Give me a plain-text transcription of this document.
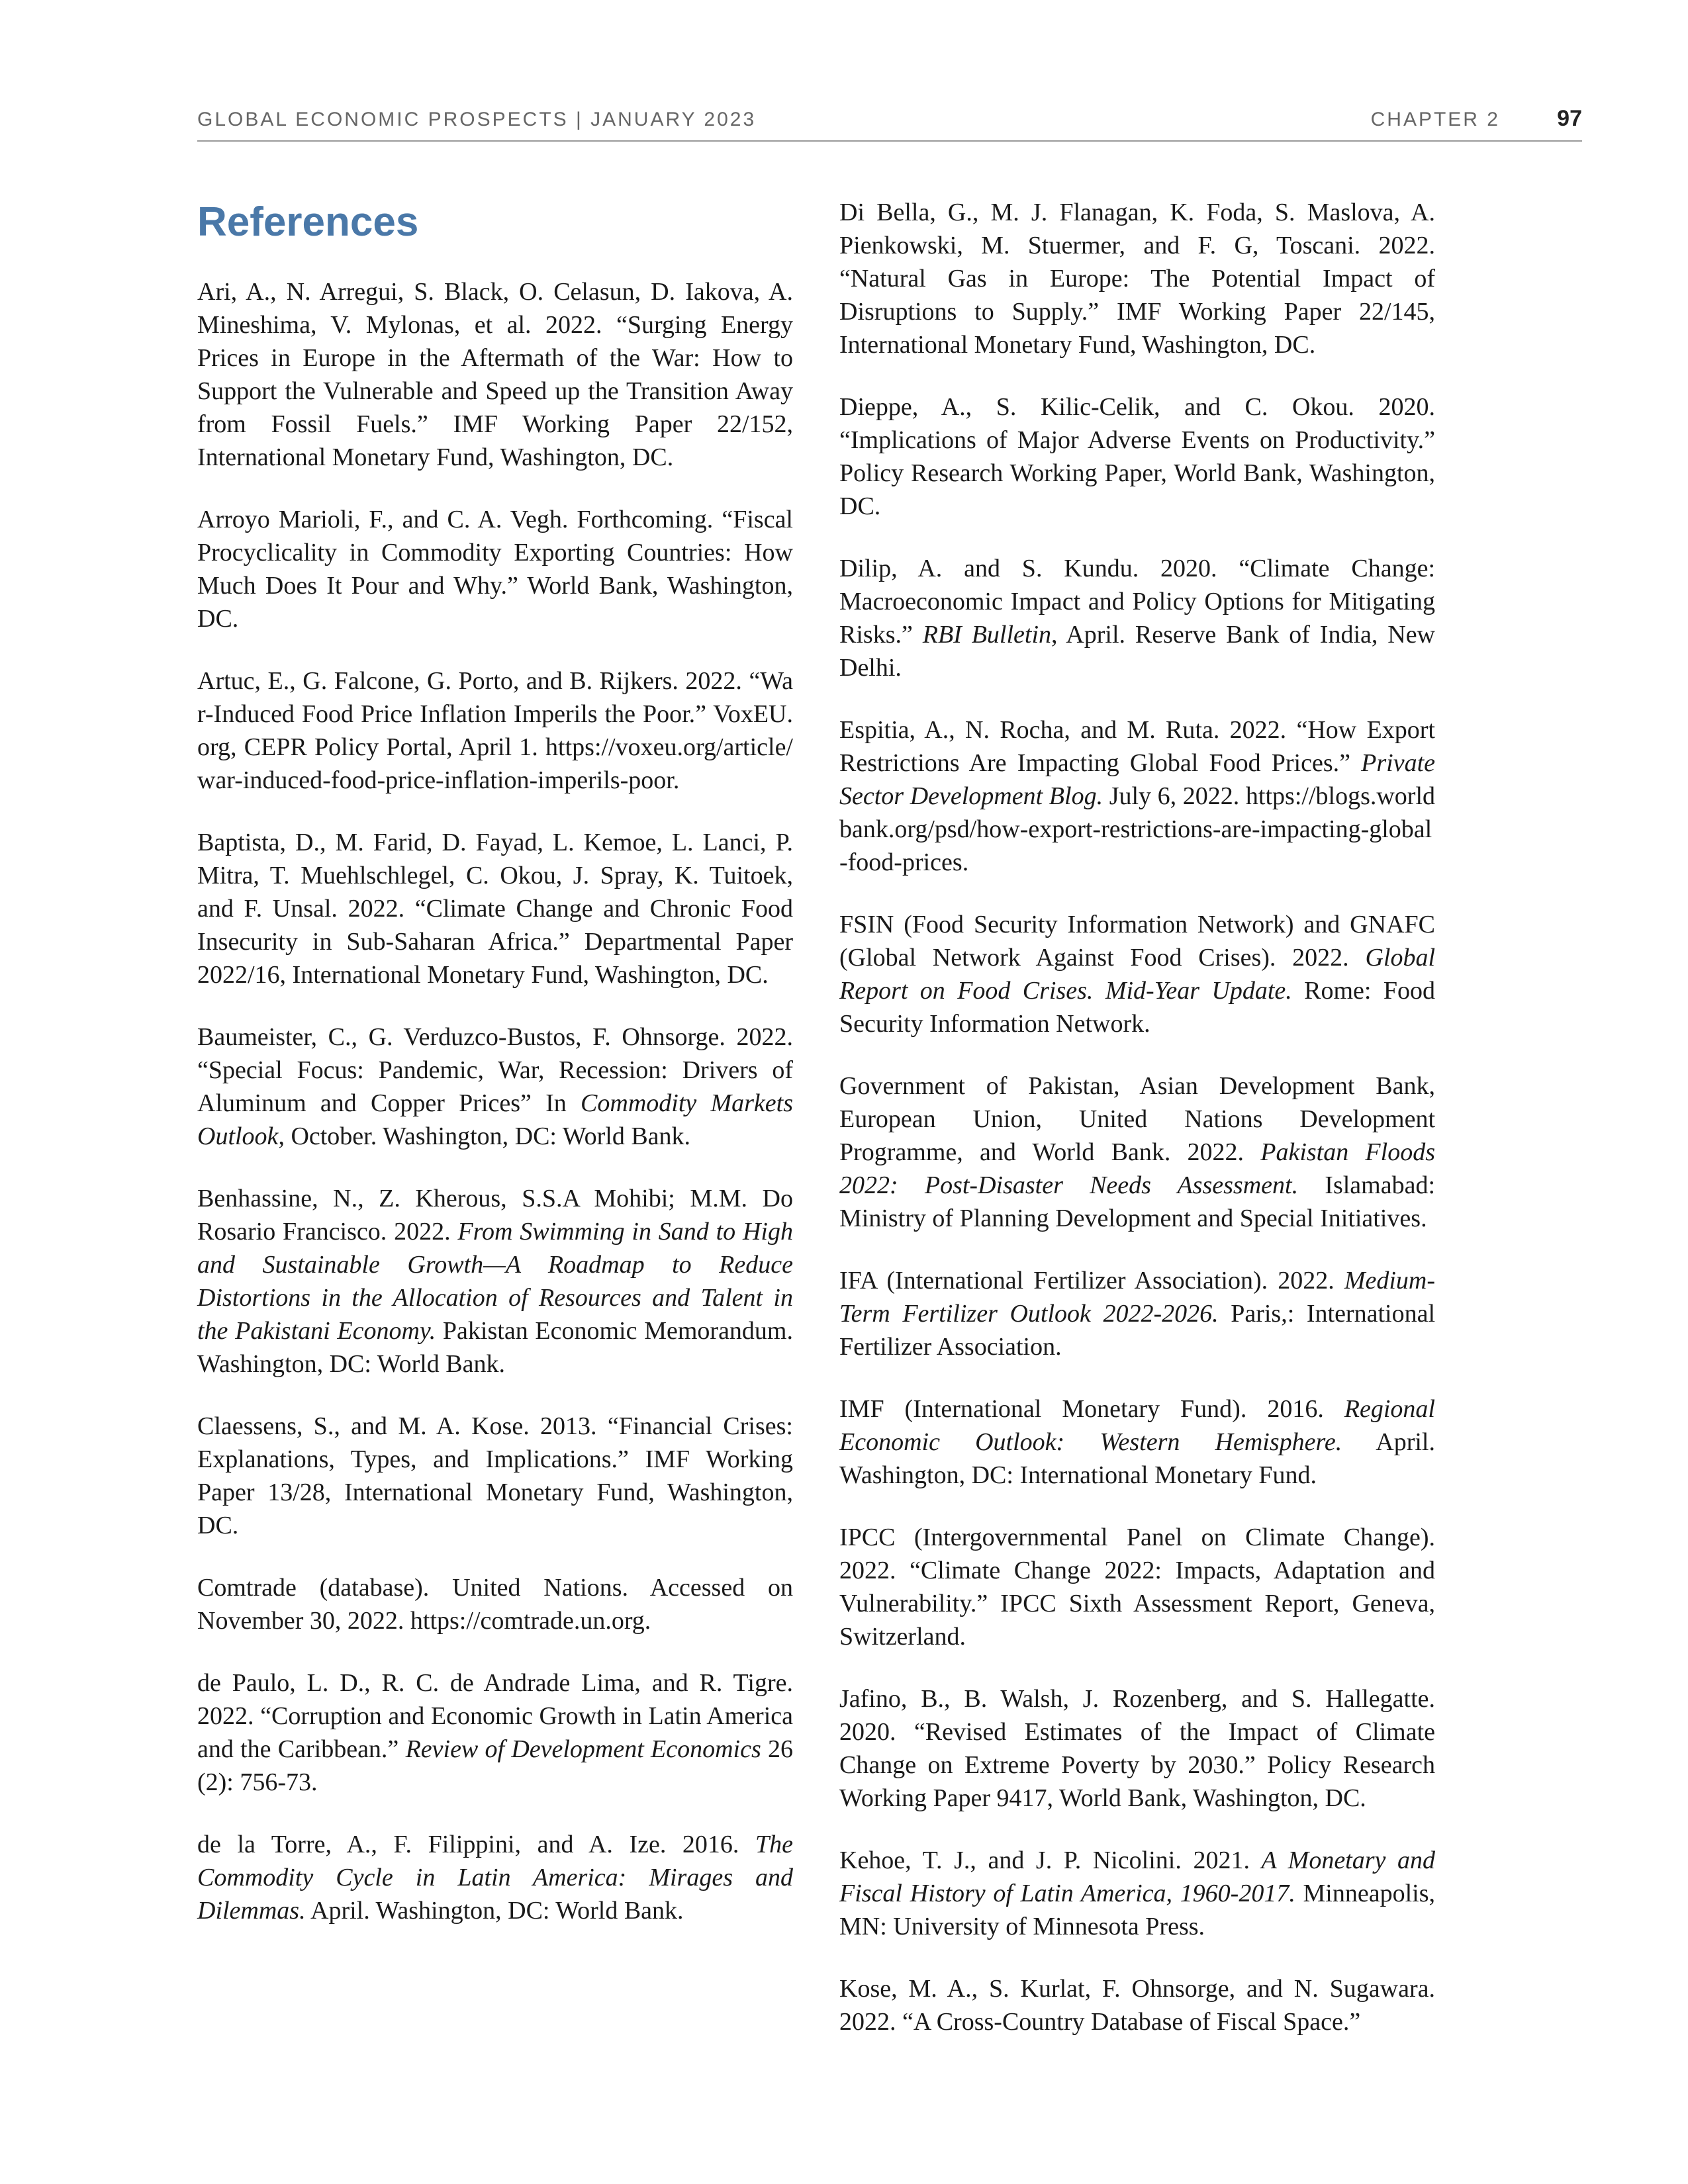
GLOBAL ECONOMIC PROSPECTS | JANUARY 2023	CHAPTER 2	97
References

Ari, A., N. Arregui, S. Black, O. Celasun, D. Iakova, A. Mineshima, V. Mylonas, et al. 2022. “Surging Energy Prices in Europe in the Aftermath of the War: How to Support the Vulnerable and Speed up the Transition Away from Fossil Fuels.” IMF Working Paper 22/152, International Monetary Fund, Washington, DC.

Arroyo Marioli, F., and C. A. Vegh. Forthcoming. “Fiscal Procyclicality in Commodity Exporting Countries: How Much Does It Pour and Why.” World Bank, Washington, DC.

Artuc, E., G. Falcone, G. Porto, and B. Rijkers. 2022. “War-Induced Food Price Inflation Imperils the Poor.” VoxEU.org, CEPR Policy Portal, April 1. https://voxeu.org/article/war-induced-food-price-inflation-imperils-poor.

Baptista, D., M. Farid, D. Fayad, L. Kemoe, L. Lanci, P. Mitra, T. Muehlschlegel, C. Okou, J. Spray, K. Tuitoek, and F. Unsal. 2022. “Climate Change and Chronic Food Insecurity in Sub-Saharan Africa.” Departmental Paper 2022/16, International Monetary Fund, Washington, DC.

Baumeister, C., G. Verduzco-Bustos, F. Ohnsorge. 2022. “Special Focus: Pandemic, War, Recession: Drivers of Aluminum and Copper Prices” In Commodity Markets Outlook, October. Washington, DC: World Bank.

Benhassine, N., Z. Kherous, S.S.A Mohibi; M.M. Do Rosario Francisco. 2022. From Swimming in Sand to High and Sustainable Growth—A Roadmap to Reduce Distortions in the Allocation of Resources and Talent in the Pakistani Economy. Pakistan Economic Memorandum. Washington, DC: World Bank.

Claessens, S., and M. A. Kose. 2013. “Financial Crises: Explanations, Types, and Implications.” IMF Working Paper 13/28, International Monetary Fund, Washington, DC.

Comtrade (database). United Nations. Accessed on November 30, 2022. https://comtrade.un.org.

de Paulo, L. D., R. C. de Andrade Lima, and R. Tigre. 2022. “Corruption and Economic Growth in Latin America and the Caribbean.” Review of Development Economics 26 (2): 756-73.

de la Torre, A., F. Filippini, and A. Ize. 2016. The Commodity Cycle in Latin America: Mirages and Dilemmas. April. Washington, DC: World Bank.

Di Bella, G., M. J. Flanagan, K. Foda, S. Maslova, A. Pienkowski, M. Stuermer, and F. G, Toscani. 2022. “Natural Gas in Europe: The Potential Impact of Disruptions to Supply.” IMF Working Paper 22/145, International Monetary Fund, Washington, DC.

Dieppe, A., S. Kilic-Celik, and C. Okou. 2020. “Implications of Major Adverse Events on Productivity.” Policy Research Working Paper, World Bank, Washington, DC.

Dilip, A. and S. Kundu. 2020. “Climate Change: Macroeconomic Impact and Policy Options for Mitigating Risks.” RBI Bulletin, April. Reserve Bank of India, New Delhi.

Espitia, A., N. Rocha, and M. Ruta. 2022. “How Export Restrictions Are Impacting Global Food Prices.” Private Sector Development Blog. July 6, 2022. https://blogs.worldbank.org/psd/how-export-restrictions-are-impacting-global-food-prices.

FSIN (Food Security Information Network) and GNAFC (Global Network Against Food Crises). 2022. Global Report on Food Crises. Mid-Year Update. Rome: Food Security Information Network.

Government of Pakistan, Asian Development Bank, European Union, United Nations Development Programme, and World Bank. 2022. Pakistan Floods 2022: Post-Disaster Needs Assessment. Islamabad: Ministry of Planning Development and Special Initiatives.

IFA (International Fertilizer Association). 2022. Medium-Term Fertilizer Outlook 2022-2026. Paris,: International Fertilizer Association.

IMF (International Monetary Fund). 2016. Regional Economic Outlook: Western Hemisphere. April. Washington, DC: International Monetary Fund.

IPCC (Intergovernmental Panel on Climate Change). 2022. “Climate Change 2022: Impacts, Adaptation and Vulnerability.” IPCC Sixth Assessment Report, Geneva, Switzerland.

Jafino, B., B. Walsh, J. Rozenberg, and S. Hallegatte. 2020. “Revised Estimates of the Impact of Climate Change on Extreme Poverty by 2030.” Policy Research Working Paper 9417, World Bank, Washington, DC.

Kehoe, T. J., and J. P. Nicolini. 2021. A Monetary and Fiscal History of Latin America, 1960-2017. Minneapolis, MN: University of Minnesota Press.

Kose, M. A., S. Kurlat, F. Ohnsorge, and N. Sugawara. 2022. “A Cross-Country Database of Fiscal Space.”
